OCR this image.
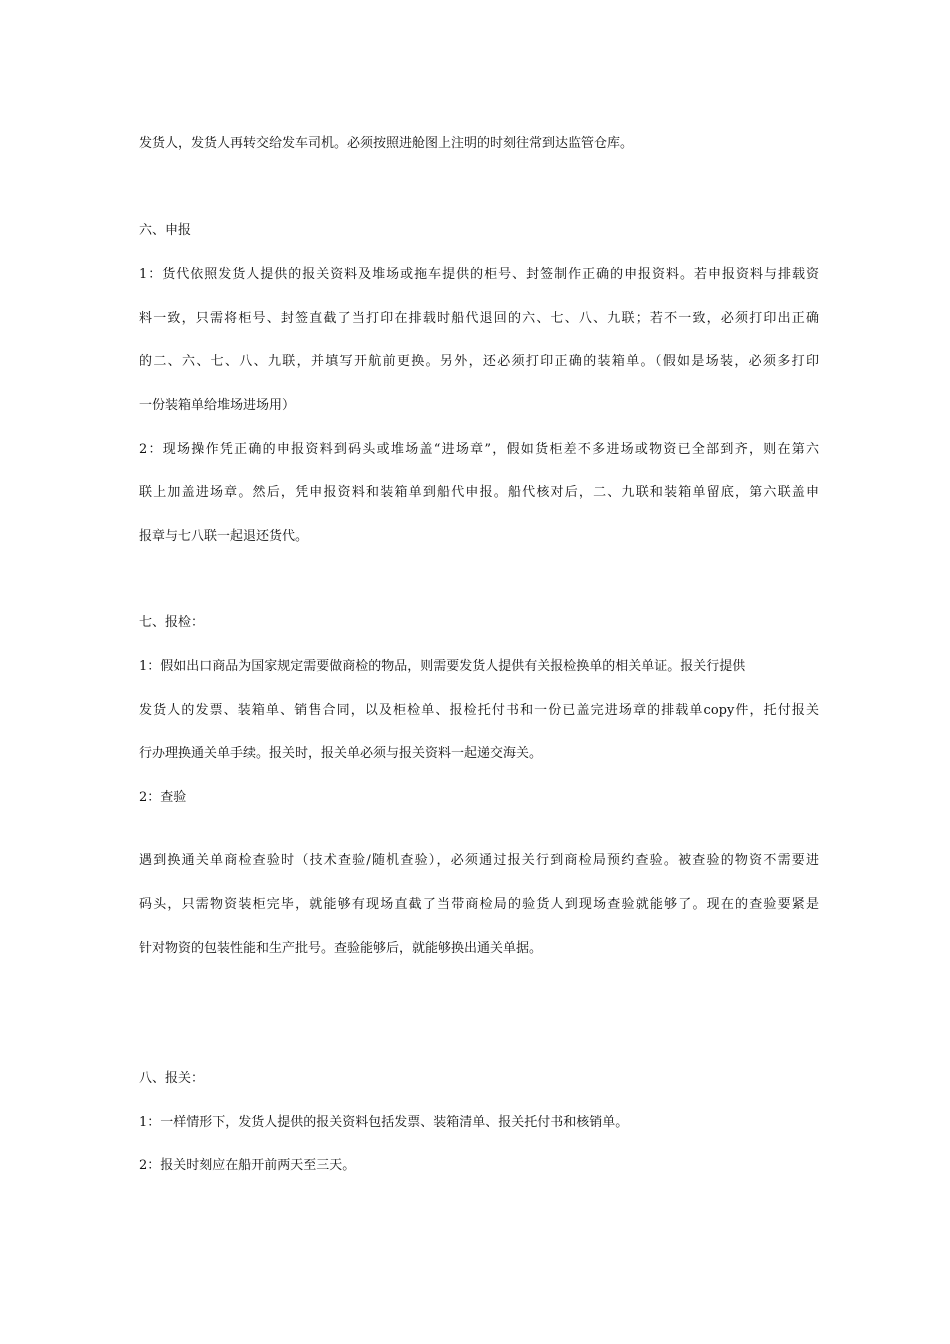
发货人，发货人再转交给发车司机。必须按照进舱图上注明的时刻往常到达监管仓库。

六、申报

1：货代依照发货人提供的报关资料及堆场或拖车提供的柜号、封签制作正确的申报资料。若申报资料与排载资

料一致，只需将柜号、封签直截了当打印在排载时船代退回的六、七、八、九联；若不一致，必须打印出正确

的二、六、七、八、九联，并填写开航前更换。另外，还必须打印正确的装箱单。（假如是场装，必须多打印

一份装箱单给堆场进场用）

2：现场操作凭正确的申报资料到码头或堆场盖“进场章”，假如货柜差不多进场或物资已全部到齐，则在第六

联上加盖进场章。然后，凭申报资料和装箱单到船代申报。船代核对后，二、九联和装箱单留底，第六联盖申

报章与七八联一起退还货代。

七、报检：

1：假如出口商品为国家规定需要做商检的物品，则需要发货人提供有关报检换单的相关单证。报关行提供

发货人的发票、装箱单、销售合同，以及柜检单、报检托付书和一份已盖完进场章的排载单copy件，托付报关

行办理换通关单手续。报关时，报关单必须与报关资料一起递交海关。

2：查验

遇到换通关单商检查验时（技术查验/随机查验），必须通过报关行到商检局预约查验。被查验的物资不需要进

码头，只需物资装柜完毕，就能够有现场直截了当带商检局的验货人到现场查验就能够了。现在的查验要紧是

针对物资的包装性能和生产批号。查验能够后，就能够换出通关单据。

八、报关：

1：一样情形下，发货人提供的报关资料包括发票、装箱清单、报关托付书和核销单。

2：报关时刻应在船开前两天至三天。
